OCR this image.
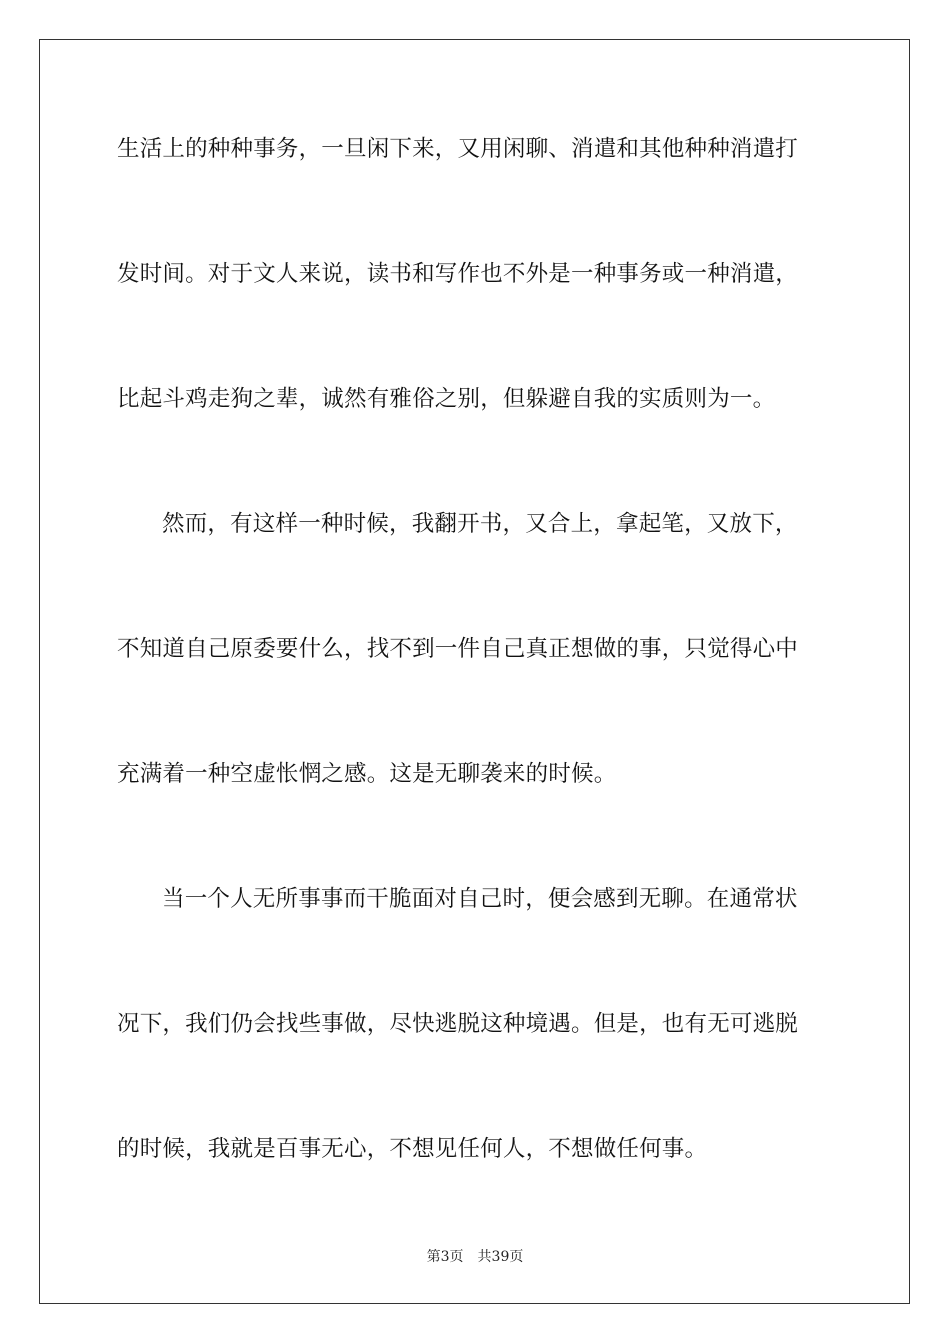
生活上的种种事务，一旦闲下来，又用闲聊、消遣和其他种种消遣打
发时间。对于文人来说，读书和写作也不外是一种事务或一种消遣，
比起斗鸡走狗之辈，诚然有雅俗之别，但躲避自我的实质则为一。
然而，有这样一种时候，我翻开书，又合上，拿起笔，又放下，
不知道自己原委要什么，找不到一件自己真正想做的事，只觉得心中
充满着一种空虚怅惘之感。这是无聊袭来的时候。
当一个人无所事事而干脆面对自己时，便会感到无聊。在通常状
况下，我们仍会找些事做，尽快逃脱这种境遇。但是，也有无可逃脱
的时候，我就是百事无心，不想见任何人，不想做任何事。
第3页 共39页
